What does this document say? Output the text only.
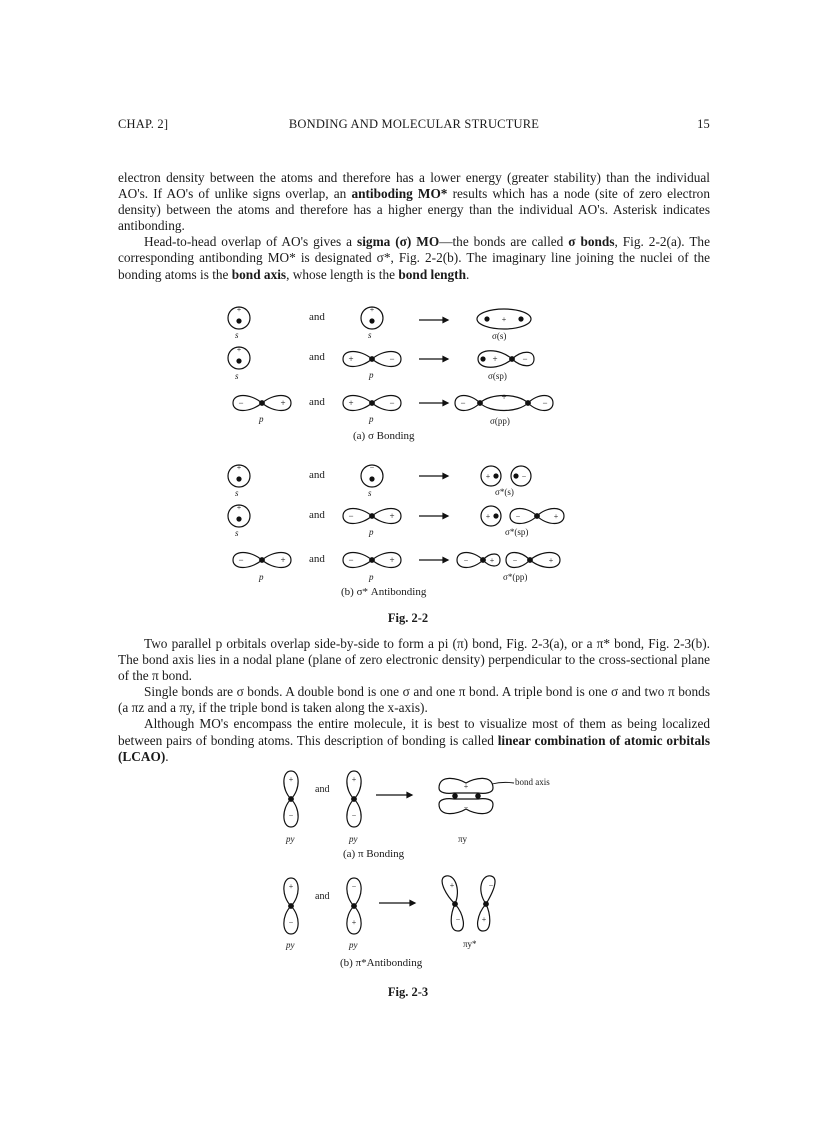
CHAP. 2]	BONDING AND MOLECULAR STRUCTURE	15

electron density between the atoms and therefore has a lower energy (greater stability) than the individual AO's. If AO's of unlike signs overlap, an antiboding MO* results which has a node (site of zero electron density) between the atoms and therefore has a higher energy than the individual AO's. Asterisk indicates antibonding.

Head-to-head overlap of AO's gives a sigma (σ) MO—the bonds are called σ bonds, Fig. 2-2(a). The corresponding antibonding MO* is designated σ*, Fig. 2-2(b). The imaginary line joining the nuclei of the bonding atoms is the bond axis, whose length is the bond length.

+	+
+
+
+	−	+	−
−	+	+	−	−
+
−
+	−
+	−
+
−	+	+	−	+
−	+	−	+	−	+ −	+
+
−
+
−
+
−
+
−
−
+
+
−
−
+
and
and
and
and
and
and
s	s	σ(s)
s	p	σ(sp)
p	p	σ(pp)
(a) σ Bonding
s	s	σ*(s)
s	p	σ*(sp)
p	p	σ*(pp)
(b) σ* Antibonding
Fig. 2-2

Two parallel p orbitals overlap side-by-side to form a pi (π) bond, Fig. 2-3(a), or a π* bond, Fig. 2-3(b). The bond axis lies in a nodal plane (plane of zero electronic density) perpendicular to the cross-sectional plane of the π bond.

Single bonds are σ bonds. A double bond is one σ and one π bond. A triple bond is one σ and two π bonds (a πz and a πy, if the triple bond is taken along the x-axis).

Although MO's encompass the entire molecule, it is best to visualize most of them as being localized between pairs of bonding atoms. This description of bonding is called linear combination of atomic orbitals (LCAO).

and
bond axis
py	py	πy
(a) π Bonding
and
py	py	πy*
(b) π*Antibonding
Fig. 2-3
